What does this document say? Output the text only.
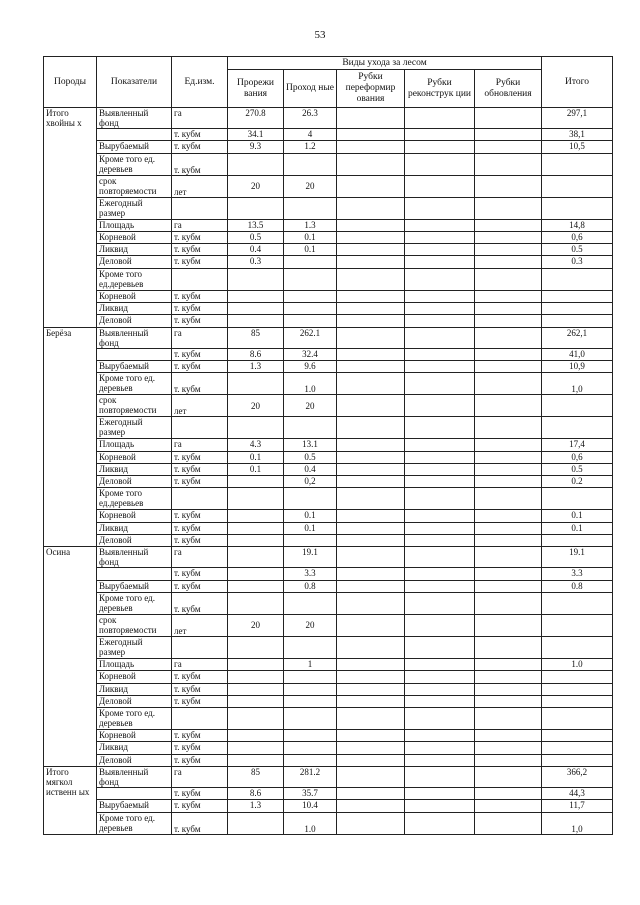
53
Породы	Показатели	Ед.изм.	Виды ухода за лесом					Итого
			Прорежи вания	Проход ные	Рубки переформир ования	Рубки реконструк ции	Рубки обновления	
Итого хвойны х	Выявленный фонд	га	270.8	26.3				297,1
		т. кубм	34.1	4				38,1
	Вырубаемый	т. кубм	9.3	1.2				10,5
	Кроме того ед. деревьев	т. кубм						
	срок повторяемости	лет	20	20				
	Ежегодный размер							
	Площадь	га	13.5	1.3				14,8
	Корневой	т. кубм	0.5	0.1				0,6
	Ликвид	т. кубм	0.4	0.1				0.5
	Деловой	т. кубм	0.3					0.3
	Кроме того ед.деревьев							
	Корневой	т. кубм						
	Ликвид	т. кубм						
	Деловой	т. кубм						
Берёза	Выявленный фонд	га	85	262.1				262,1
		т. кубм	8.6	32.4				41,0
	Вырубаемый	т. кубм	1.3	9.6				10,9
	Кроме того ед. деревьев	т. кубм		1.0				1,0
	срок повторяемости	лет	20	20				
	Ежегодный размер							
	Площадь	га	4.3	13.1				17,4
	Корневой	т. кубм	0.1	0.5				0,6
	Ликвид	т. кубм	0.1	0.4				0.5
	Деловой	т. кубм		0,2				0.2
	Кроме того ед.деревьев							
	Корневой	т. кубм		0.1				0.1
	Ликвид	т. кубм		0.1				0.1
	Деловой	т. кубм						
Осина	Выявленный фонд	га		19.1				19.1
		т. кубм		3.3				3.3
	Вырубаемый	т. кубм		0.8				0.8
	Кроме того ед. деревьев	т. кубм						
	срок повторяемости	лет	20	20				
	Ежегодный размер							
	Площадь	га		1				1.0
	Корневой	т. кубм						
	Ликвид	т. кубм						
	Деловой	т. кубм						
	Кроме того ед. деревьев							
	Корневой	т. кубм						
	Ликвид	т. кубм						
	Деловой	т. кубм						
Итого мягкол иственн ых	Выявленный фонд	га	85	281.2				366,2
		т. кубм	8.6	35.7				44,3
	Вырубаемый	т. кубм	1.3	10.4				11,7
	Кроме того ед. деревьев	т. кубм		1.0				1,0
